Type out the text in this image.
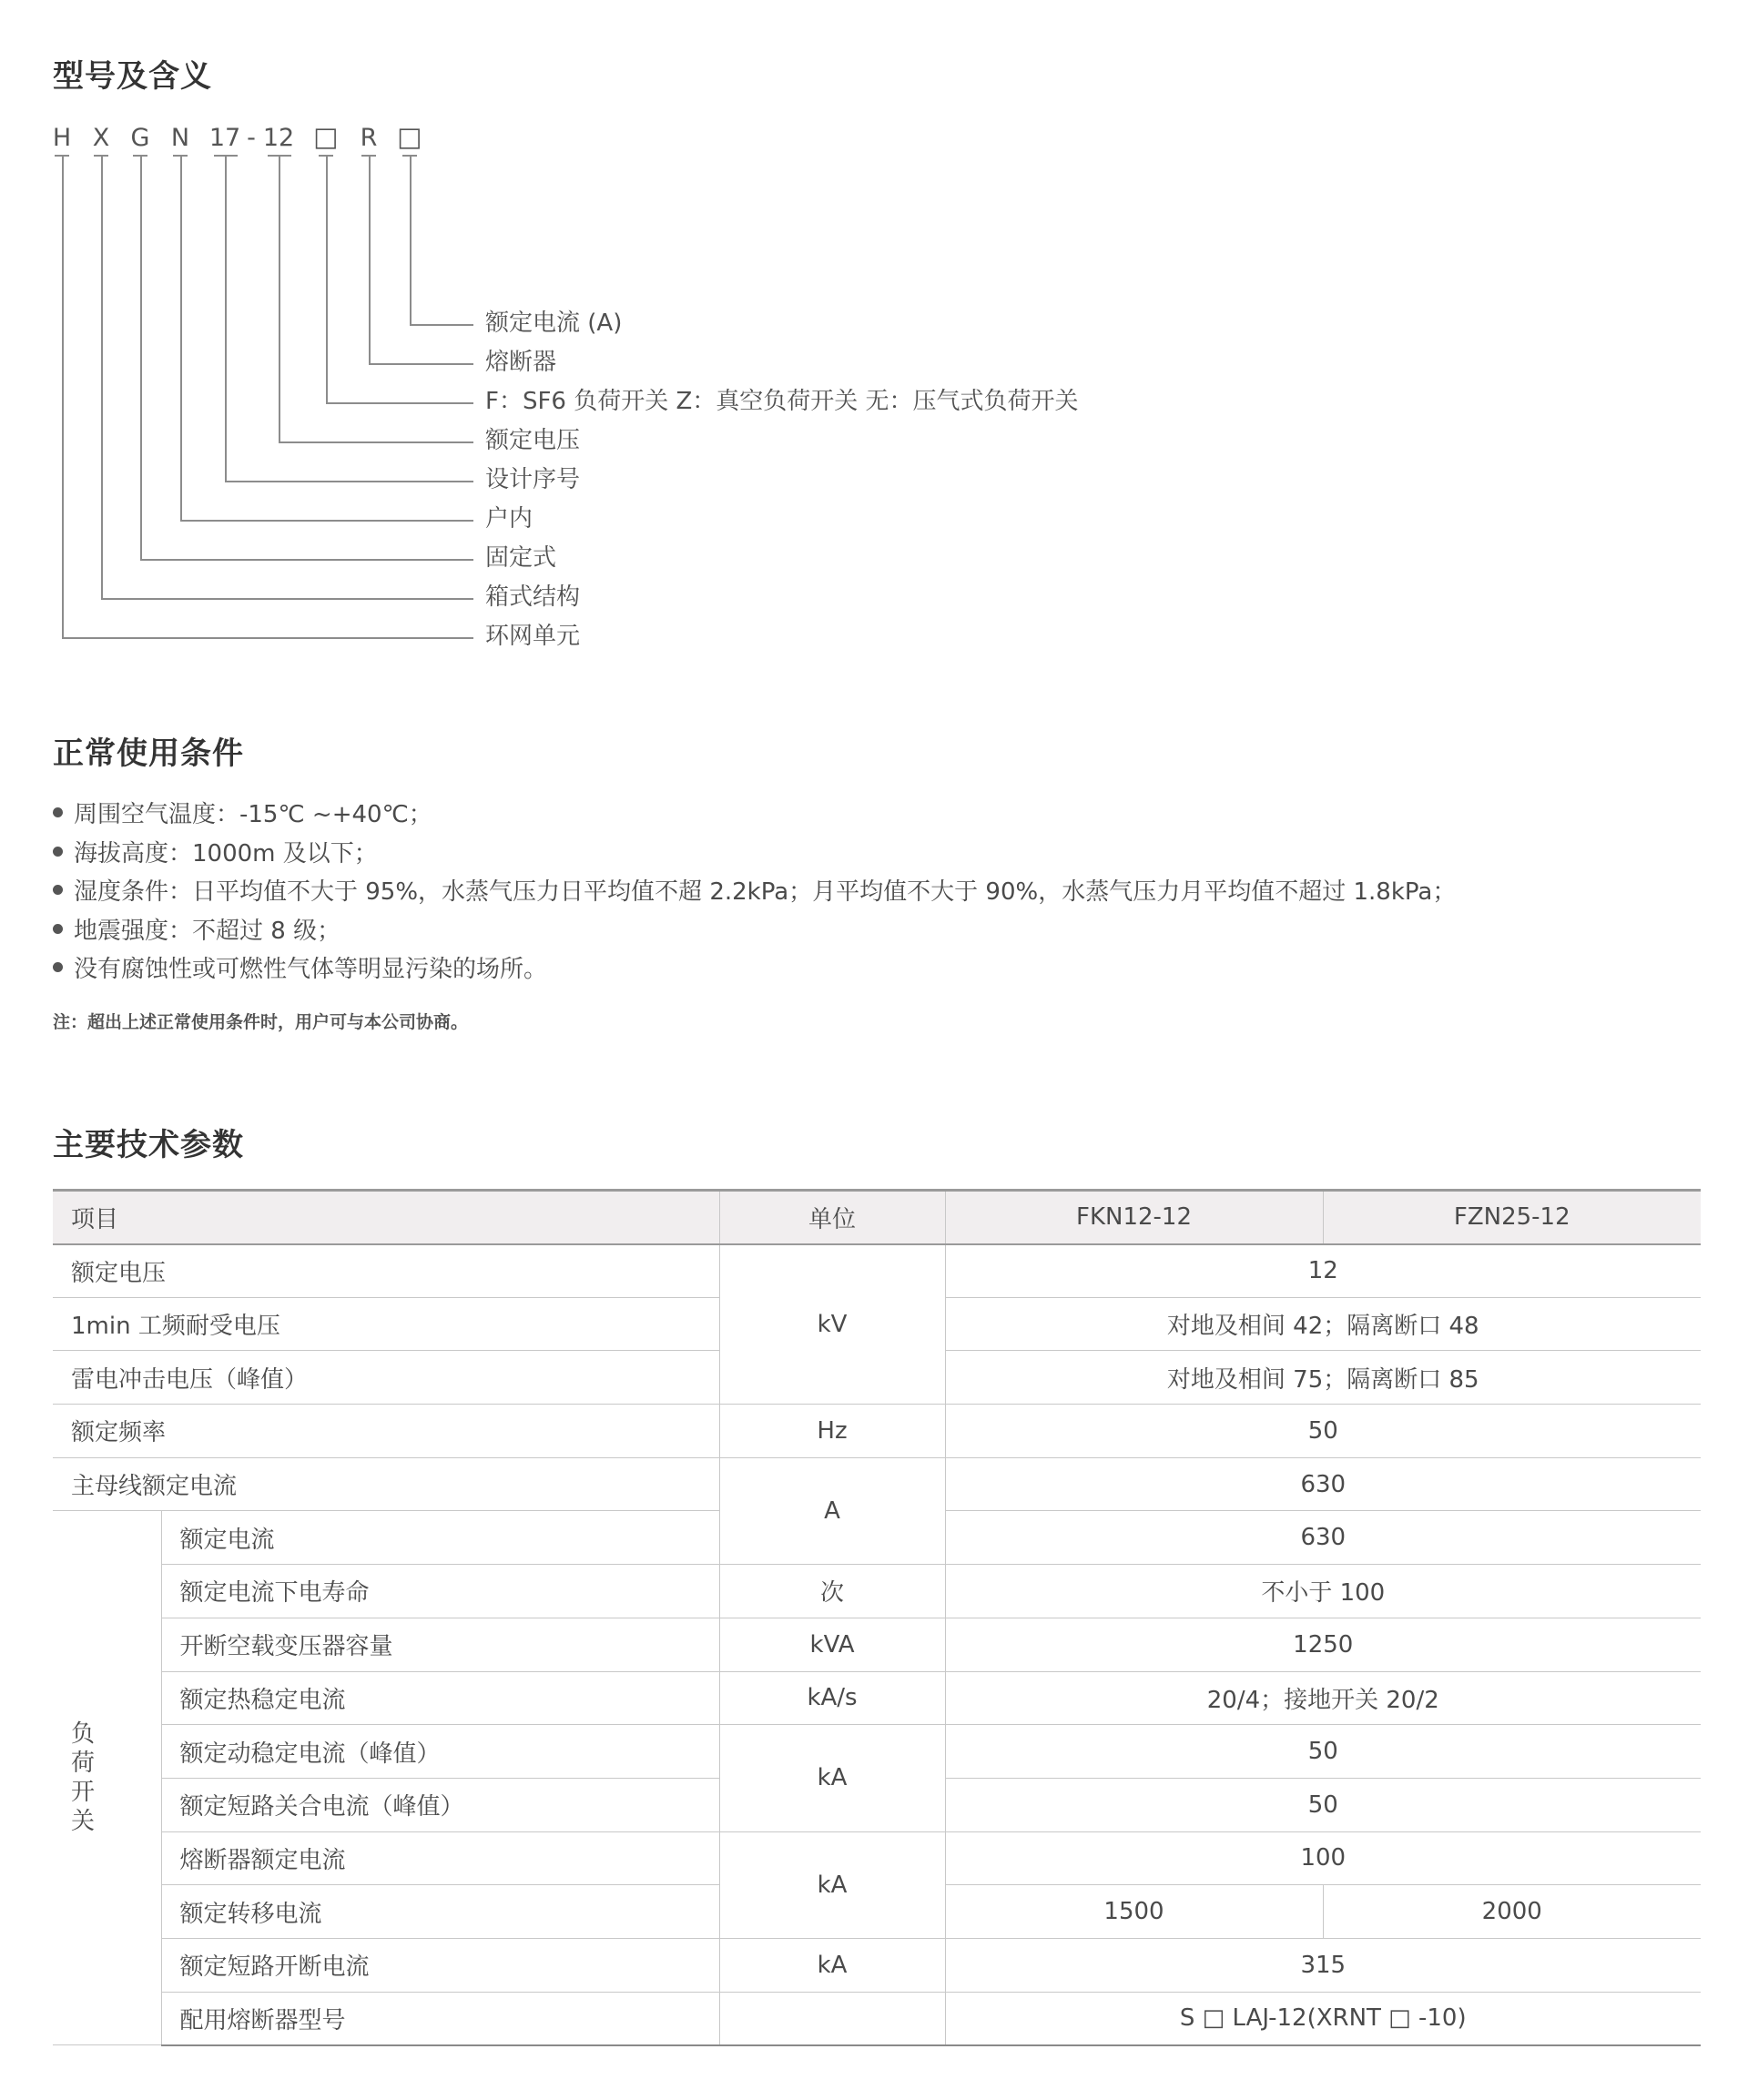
型号及含义
H X G N 17 - 12 □ R □
额定电流 (A)
熔断器
F：SF6 负荷开关 Z：真空负荷开关 无：压气式负荷开关
额定电压
设计序号
户内
固定式
箱式结构
环网单元
正常使用条件
周围空气温度：-15℃ ~+40℃；
海拔高度：1000m 及以下；
湿度条件：日平均值不大于 95%，水蒸气压力日平均值不超 2.2kPa；月平均值不大于 90%，水蒸气压力月平均值不超过 1.8kPa；
地震强度：不超过 8 级；
没有腐蚀性或可燃性气体等明显污染的场所。
注：超出上述正常使用条件时，用户可与本公司协商。
主要技术参数
项目		单位	FKN12-12	FZN25-12
额定电压		kV	12	
1min 工频耐受电压			对地及相间 42；隔离断口 48	
雷电冲击电压（峰值）			对地及相间 75；隔离断口 85	
额定频率		Hz	50	
主母线额定电流		A	630	
负荷开关	额定电流		630	
	额定电流下电寿命	次	不小于 100	
	开断空载变压器容量	kVA	1250	
	额定热稳定电流	kA/s	20/4；接地开关 20/2	
	额定动稳定电流（峰值）	kA	50	
	额定短路关合电流（峰值）		50	
	熔断器额定电流	kA	100	
	额定转移电流		1500	2000
	额定短路开断电流	kA	315	
	配用熔断器型号		S □ LAJ-12(XRNT □ -10)	
